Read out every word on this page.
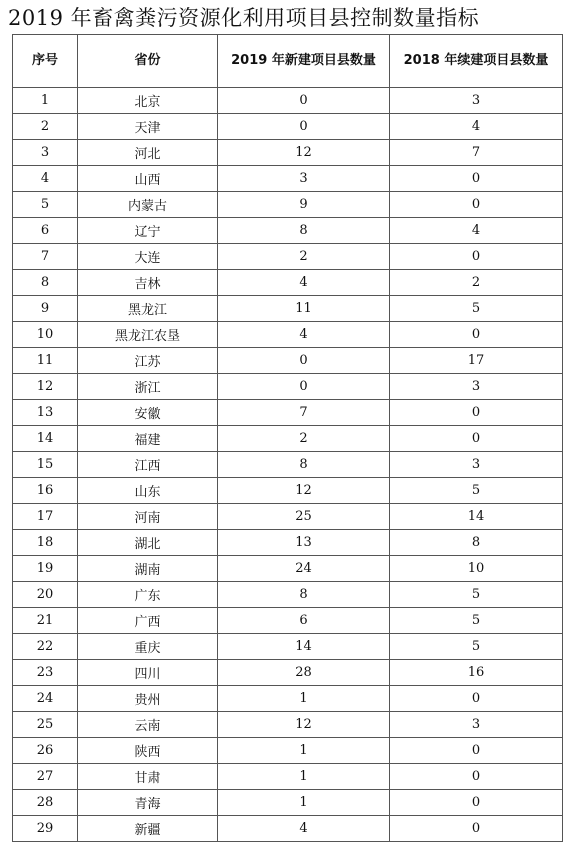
2019 年畜禽粪污资源化利用项目县控制数量指标
序号	省份	2019 年新建项目县数量	2018 年续建项目县数量
1	北京	0	3
2	天津	0	4
3	河北	12	7
4	山西	3	0
5	内蒙古	9	0
6	辽宁	8	4
7	大连	2	0
8	吉林	4	2
9	黑龙江	11	5
10	黑龙江农垦	4	0
11	江苏	0	17
12	浙江	0	3
13	安徽	7	0
14	福建	2	0
15	江西	8	3
16	山东	12	5
17	河南	25	14
18	湖北	13	8
19	湖南	24	10
20	广东	8	5
21	广西	6	5
22	重庆	14	5
23	四川	28	16
24	贵州	1	0
25	云南	12	3
26	陕西	1	0
27	甘肃	1	0
28	青海	1	0
29	新疆	4	0
